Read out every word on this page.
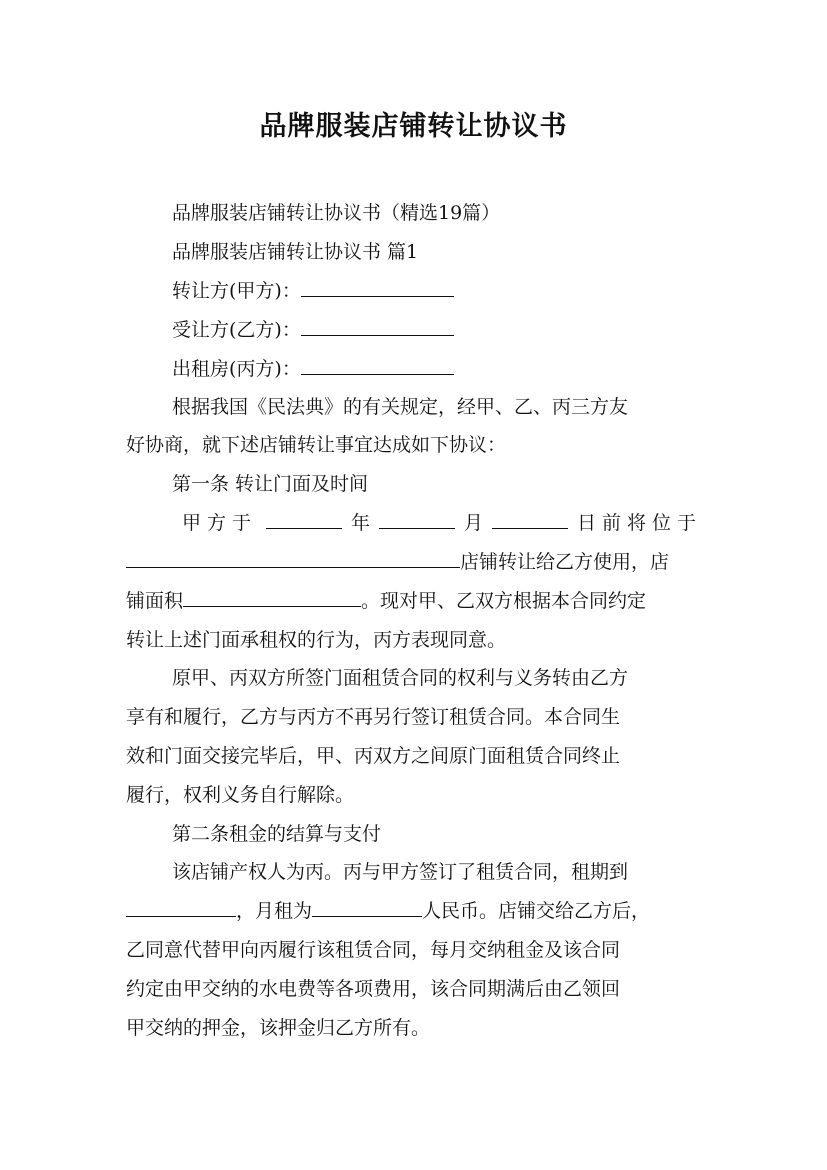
品牌服装店铺转让协议书
品牌服装店铺转让协议书（精选19篇）
品牌服装店铺转让协议书 篇1
转让方(甲方)：
受让方(乙方)：
出租房(丙方)：
根据我国《民法典》的有关规定，经甲、乙、丙三方友
好协商，就下述店铺转让事宜达成如下协议：
第一条 转让门面及时间
甲方于	年	月	日前将位于
店铺转让给乙方使用，店
铺面积	。现对甲、乙双方根据本合同约定
转让上述门面承租权的行为，丙方表现同意。
原甲、丙双方所签门面租赁合同的权利与义务转由乙方
享有和履行，乙方与丙方不再另行签订租赁合同。本合同生
效和门面交接完毕后，甲、丙双方之间原门面租赁合同终止
履行，权利义务自行解除。
第二条租金的结算与支付
该店铺产权人为丙。丙与甲方签订了租赁合同，租期到
，月租为	人民币。店铺交给乙方后，
乙同意代替甲向丙履行该租赁合同，每月交纳租金及该合同
约定由甲交纳的水电费等各项费用，该合同期满后由乙领回
甲交纳的押金，该押金归乙方所有。
